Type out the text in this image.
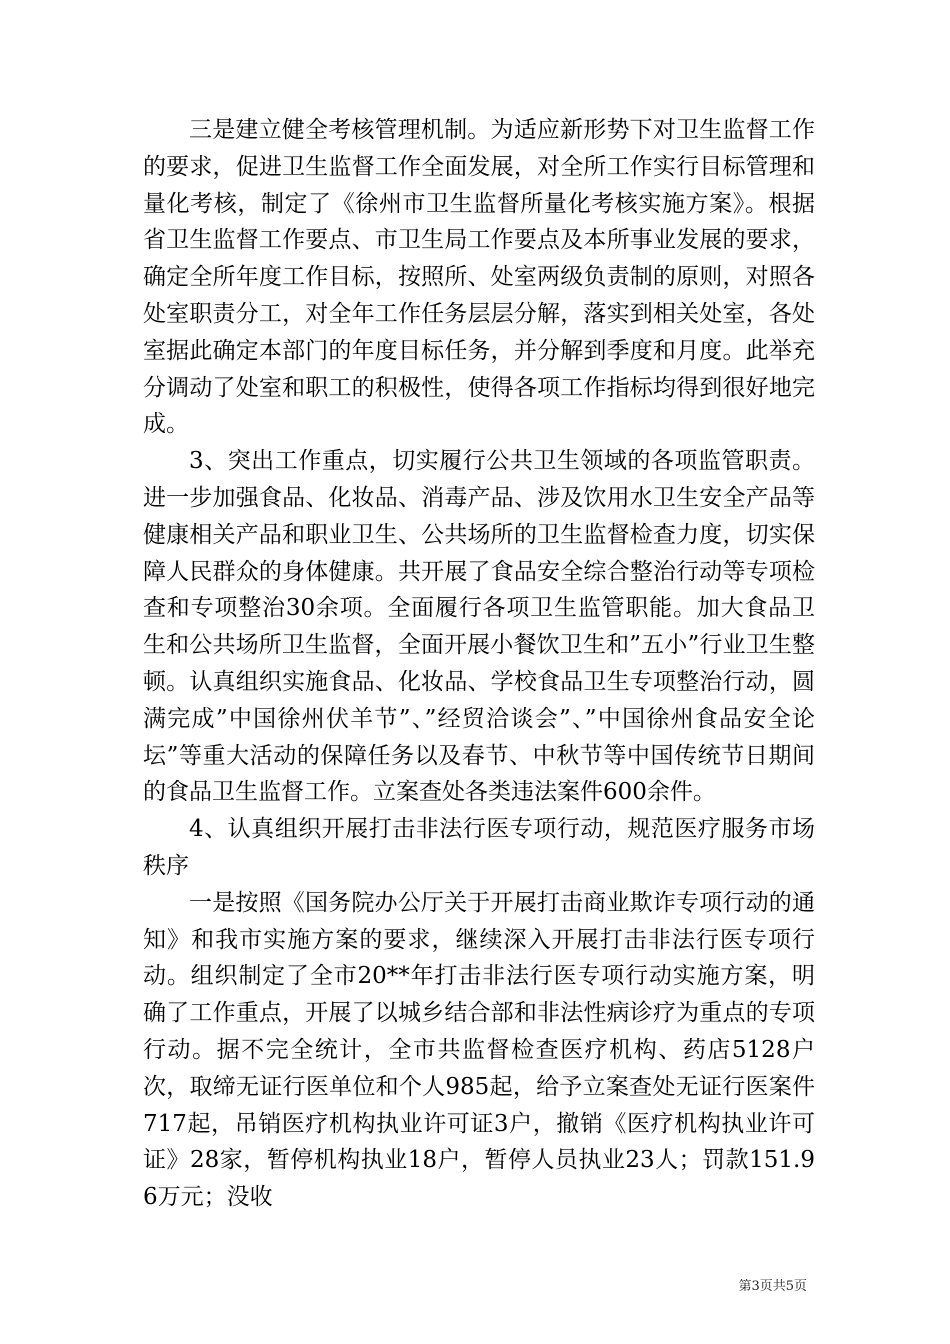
三是建立健全考核管理机制。为适应新形势下对卫生监督工作的要求，促进卫生监督工作全面发展，对全所工作实行目标管理和量化考核，制定了《徐州市卫生监督所量化考核实施方案》。根据省卫生监督工作要点、市卫生局工作要点及本所事业发展的要求，确定全所年度工作目标，按照所、处室两级负责制的原则，对照各处室职责分工，对全年工作任务层层分解，落实到相关处室，各处室据此确定本部门的年度目标任务，并分解到季度和月度。此举充分调动了处室和职工的积极性，使得各项工作指标均得到很好地完成。

3、突出工作重点，切实履行公共卫生领域的各项监管职责。进一步加强食品、化妆品、消毒产品、涉及饮用水卫生安全产品等健康相关产品和职业卫生、公共场所的卫生监督检查力度，切实保障人民群众的身体健康。共开展了食品安全综合整治行动等专项检查和专项整治30余项。全面履行各项卫生监管职能。加大食品卫生和公共场所卫生监督，全面开展小餐饮卫生和”五小”行业卫生整顿。认真组织实施食品、化妆品、学校食品卫生专项整治行动，圆满完成”中国徐州伏羊节”、”经贸洽谈会”、”中国徐州食品安全论坛”等重大活动的保障任务以及春节、中秋节等中国传统节日期间的食品卫生监督工作。立案查处各类违法案件600余件。

4、认真组织开展打击非法行医专项行动，规范医疗服务市场秩序

一是按照《国务院办公厅关于开展打击商业欺诈专项行动的通知》和我市实施方案的要求，继续深入开展打击非法行医专项行动。组织制定了全市20**年打击非法行医专项行动实施方案，明确了工作重点，开展了以城乡结合部和非法性病诊疗为重点的专项行动。据不完全统计，全市共监督检查医疗机构、药店5128户次，取缔无证行医单位和个人985起，给予立案查处无证行医案件717起，吊销医疗机构执业许可证3户，撤销《医疗机构执业许可证》28家，暂停机构执业18户，暂停人员执业23人；罚款151.96万元；没收

第3页共5页
